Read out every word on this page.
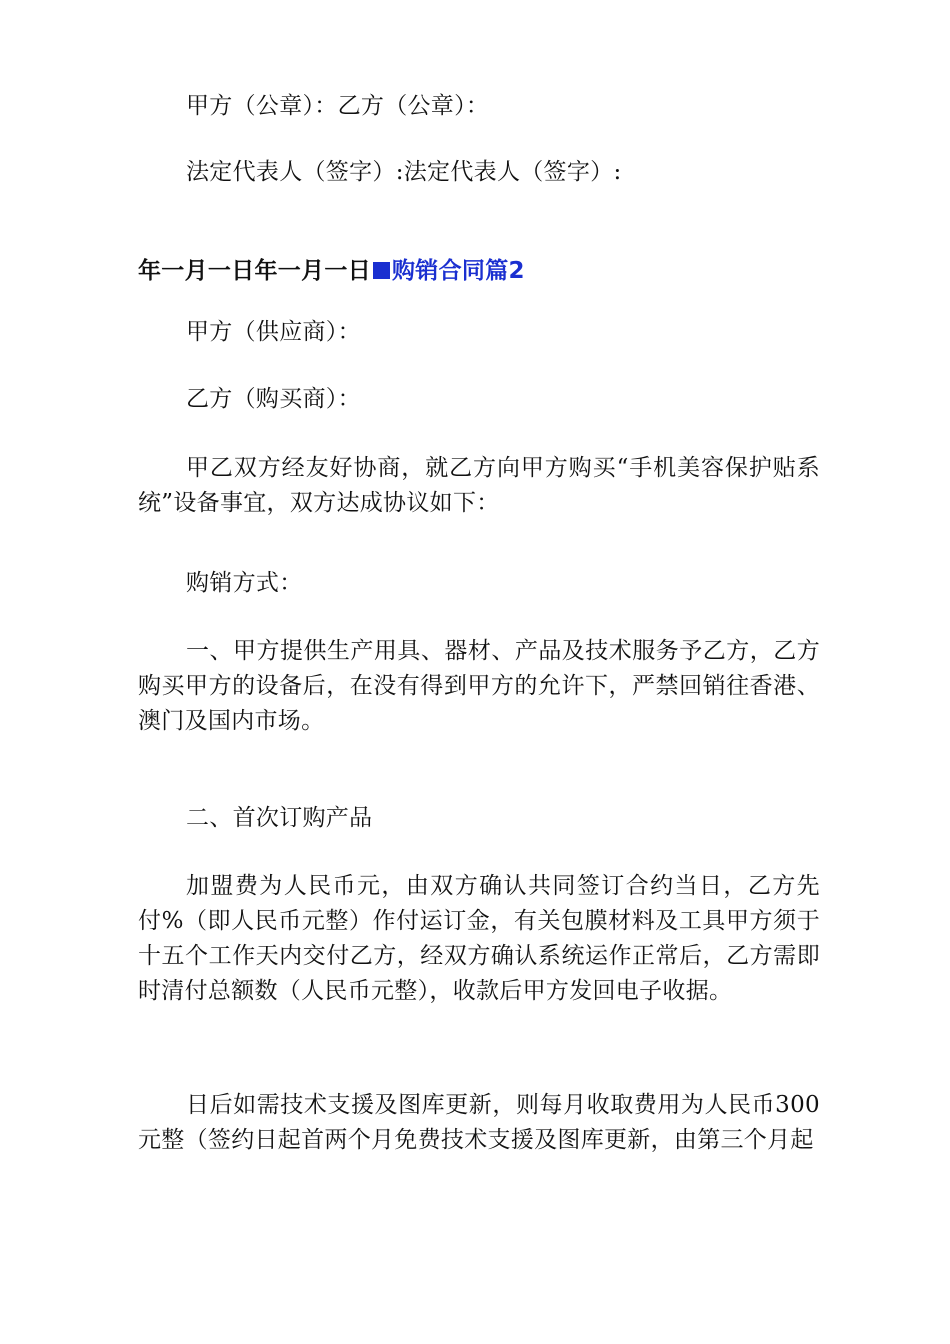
甲方（公章）：乙方（公章）：

法定代表人（签字）:法定代表人（签字）:

年一月一日年一月一日 购销合同篇2

甲方（供应商）：

乙方（购买商）：

甲乙双方经友好协商，就乙方向甲方购买“手机美容保护贴系统”设备事宜，双方达成协议如下：

购销方式：

一、甲方提供生产用具、器材、产品及技术服务予乙方，乙方购买甲方的设备后，在没有得到甲方的允许下，严禁回销往香港、澳门及国内市场。

二、首次订购产品

加盟费为人民币元，由双方确认共同签订合约当日，乙方先付%（即人民币元整）作付运订金，有关包膜材料及工具甲方须于十五个工作天内交付乙方，经双方确认系统运作正常后，乙方需即时清付总额数（人民币元整），收款后甲方发回电子收据。

日后如需技术支援及图库更新，则每月收取费用为人民币300元整（签约日起首两个月免费技术支援及图库更新，由第三个月起
